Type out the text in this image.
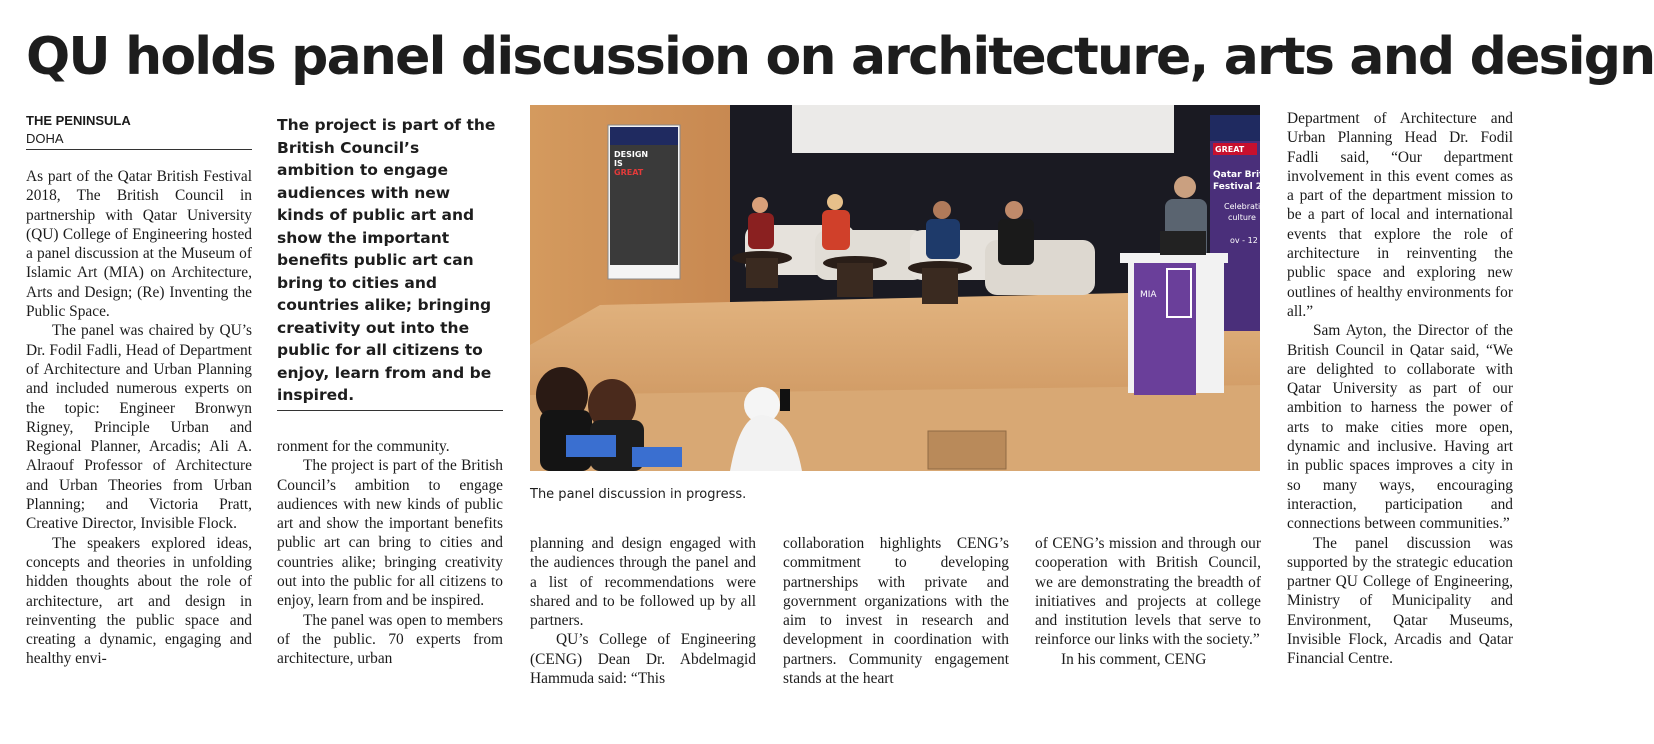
QU holds panel discussion on architecture, arts and design
THE PENINSULA
DOHA

As part of the Qatar British Festival 2018, The British Council in partnership with Qatar University (QU) College of Engineering hosted a panel discussion at the Museum of Islamic Art (MIA) on Architecture, Arts and Design; (Re) Inventing the Public Space.

The panel was chaired by QU’s Dr. Fodil Fadli, Head of Department of Architecture and Urban Planning and included numerous experts on the topic: Engineer Bronwyn Rigney, Principle Urban and Regional Planner, Arcadis; Ali A. Alraouf Professor of Architecture and Urban Theories from Urban Planning; and Victoria Pratt, Creative Director, Invisible Flock.

The speakers explored ideas, concepts and theories in unfolding hidden thoughts about the role of architecture, art and design in reinventing the public space and creating a dynamic, engaging and healthy envi-

The project is part of the British Council’s ambition to engage audiences with new kinds of public art and show the important benefits public art can bring to cities and countries alike; bringing creativity out into the public for all citizens to enjoy, learn from and be inspired.

ronment for the community.

The project is part of the British Council’s ambition to engage audiences with new kinds of public art and show the important benefits public art can bring to cities and countries alike; bringing creativity out into the public for all citizens to enjoy, learn from and be inspired.

The panel was open to members of the public. 70 experts from architecture, urban

DESIGN
IS
GREAT
GREAT
Qatar Briti
Festival 20
Celebratin
culture
ov - 12
MIA
The panel discussion in progress.

planning and design engaged with the audiences through the panel and a list of recommendations were shared and to be followed up by all partners.

QU’s College of Engineering (CENG) Dean Dr. Abdelmagid Hammuda said: “This

collaboration highlights CENG’s commitment to developing partnerships with private and government organizations with the aim to invest in research and development in coordination with partners. Community engagement stands at the heart

of CENG’s mission and through our cooperation with British Council, we are demonstrating the breadth of initiatives and projects at college and institution levels that serve to reinforce our links with the society.”

In his comment, CENG

Department of Architecture and Urban Planning Head Dr. Fodil Fadli said, “Our department involvement in this event comes as a part of the department mission to be a part of local and international events that explore the role of architecture in reinventing the public space and exploring new outlines of healthy environments for all.”

Sam Ayton, the Director of the British Council in Qatar said, “We are delighted to collaborate with Qatar University as part of our ambition to harness the power of arts to make cities more open, dynamic and inclusive. Having art in public spaces improves a city in so many ways, encouraging interaction, participation and connections between communities.”

The panel discussion was supported by the strategic education partner QU College of Engineering, Ministry of Municipality and Environment, Qatar Museums, Invisible Flock, Arcadis and Qatar Financial Centre.
